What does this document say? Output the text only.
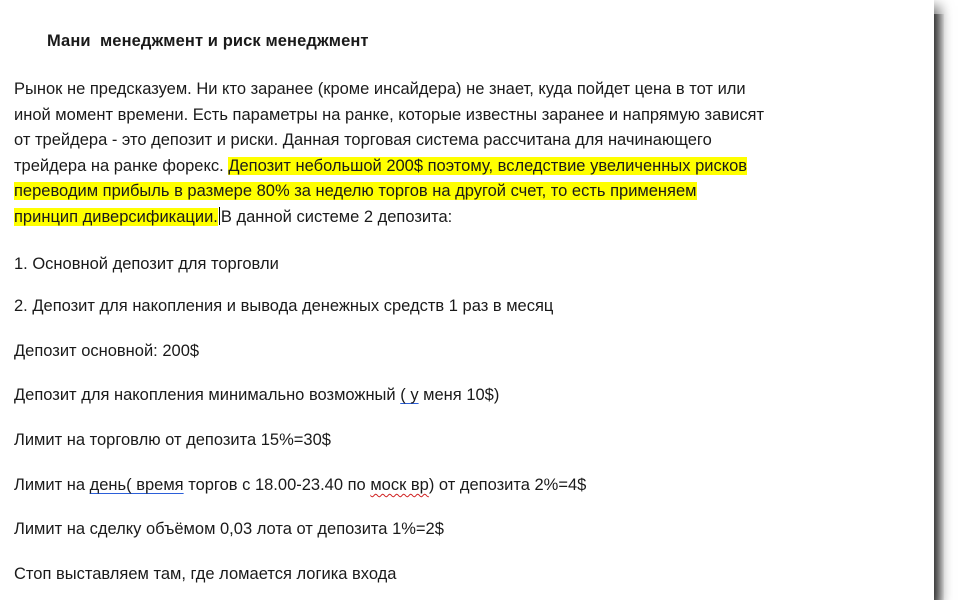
Мани  менеджмент и риск менеджмент
Рынок не предсказуем. Ни кто заранее (кроме инсайдера) не знает, куда пойдет цена в тот или
иной момент времени. Есть параметры на ранке, которые известны заранее и напрямую зависят
от трейдера - это депозит и риски. Данная торговая система рассчитана для начинающего
трейдера на ранке форекс. Депозит небольшой 200$ поэтому, вследствие увеличенных рисков
переводим прибыль в размере 80% за неделю торгов на другой счет, то есть применяем
принцип диверсификации. В данной системе 2 депозита:
1. Основной депозит для торговли
2. Депозит для накопления и вывода денежных средств 1 раз в месяц
Депозит основной: 200$
Депозит для накопления минимально возможный ( у меня 10$)
Лимит на торговлю от депозита 15%=30$
Лимит на день( время торгов с 18.00-23.40 по моск вр) от депозита 2%=4$
Лимит на сделку объёмом 0,03 лота от депозита 1%=2$
Стоп выставляем там, где ломается логика входа
